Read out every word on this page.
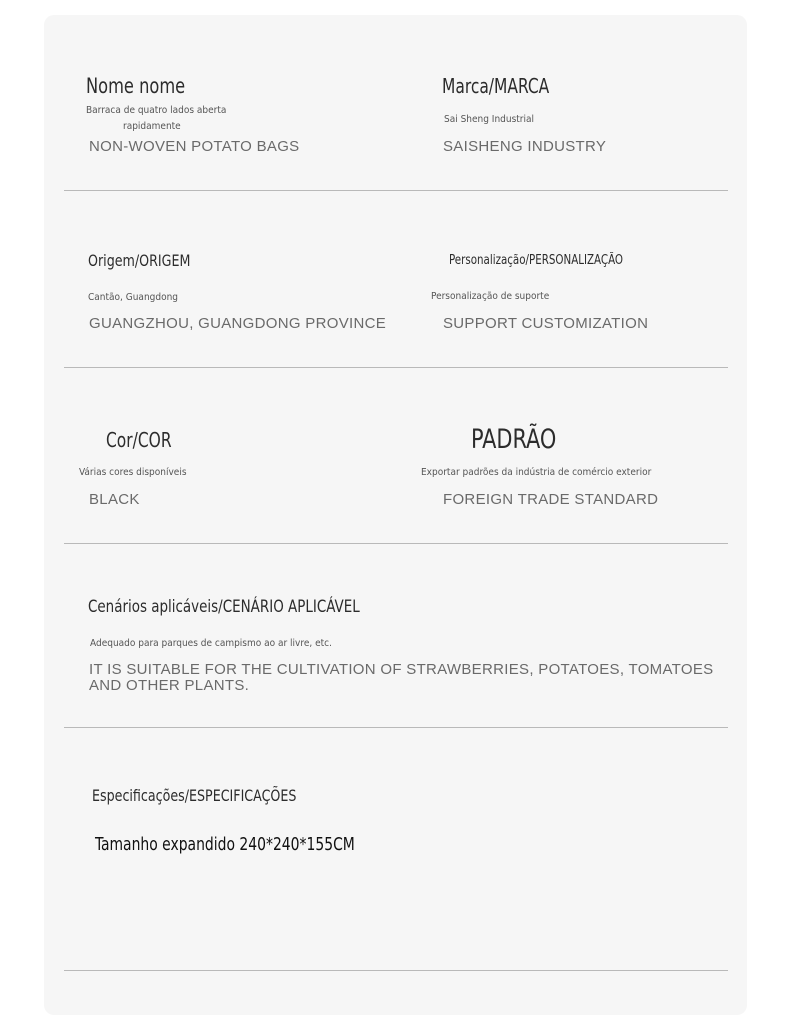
Nome nome
Barraca de quatro lados aberta
rapidamente
NON-WOVEN POTATO BAGS
Marca/MARCA
Sai Sheng Industrial
SAISHENG INDUSTRY
Origem/ORIGEM
Cantão, Guangdong
GUANGZHOU, GUANGDONG PROVINCE
Personalização/PERSONALIZAÇÃO
Personalização de suporte
SUPPORT CUSTOMIZATION
Cor/COR
Várias cores disponíveis
BLACK
PADRÃO
Exportar padrões da indústria de comércio exterior
FOREIGN TRADE STANDARD
Cenários aplicáveis/CENÁRIO APLICÁVEL
Adequado para parques de campismo ao ar livre, etc.
IT IS SUITABLE FOR THE CULTIVATION OF STRAWBERRIES, POTATOES, TOMATOES
AND OTHER PLANTS.
Especificações/ESPECIFICAÇÕES
Tamanho expandido 240*240*155CM
